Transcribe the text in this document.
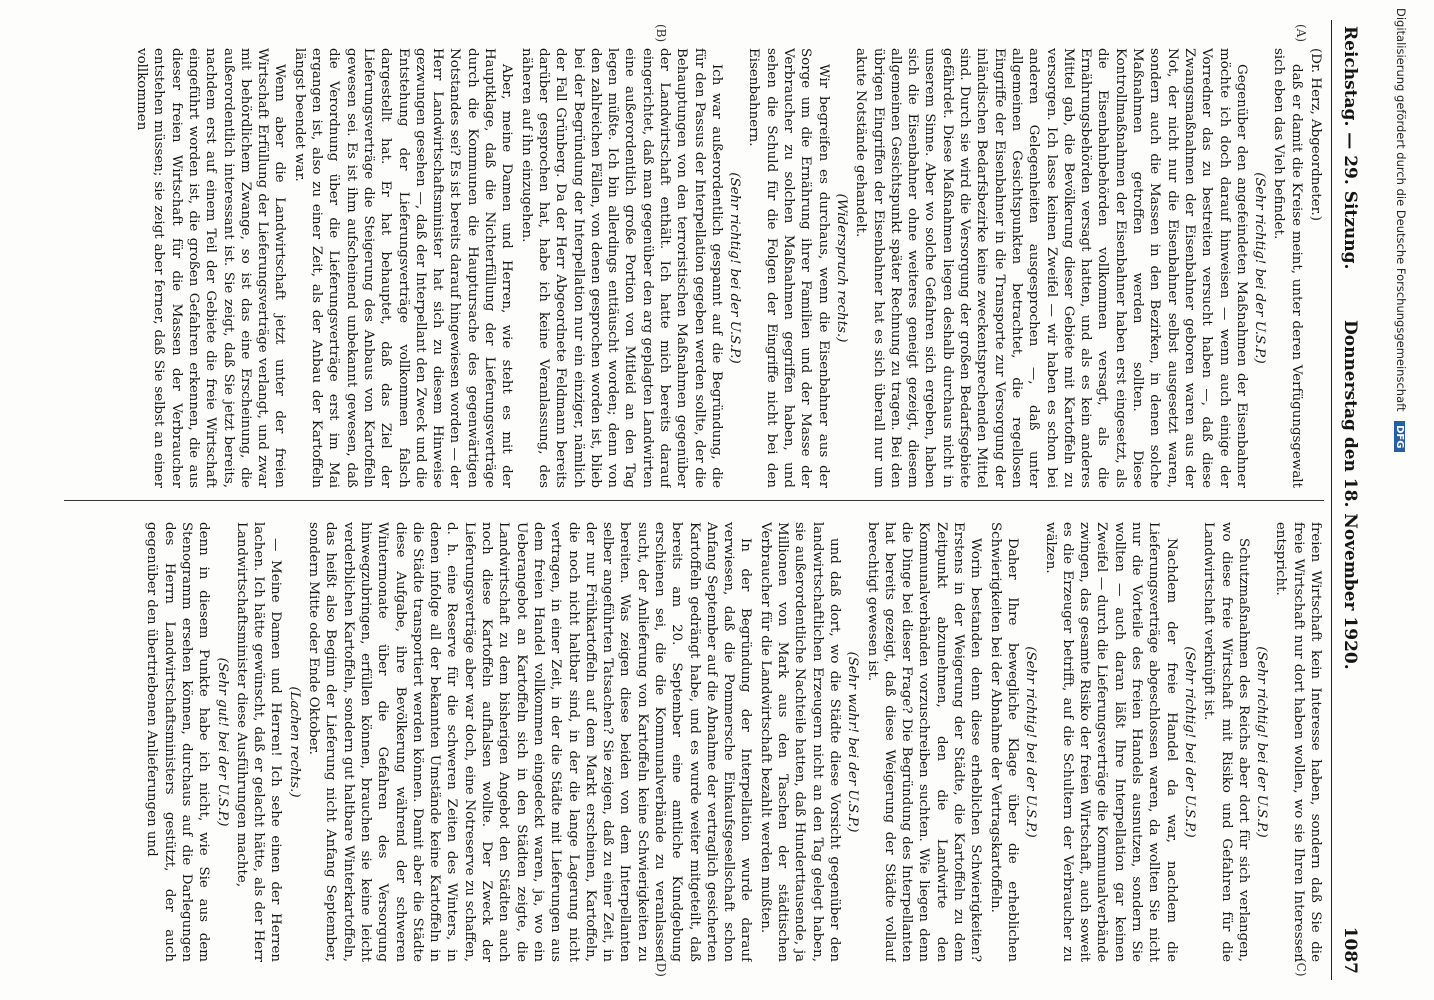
Reichstag. — 29. Sitzung.
Donnerstag den 18. November 1920.
1087
(A)
(B)
(C)
(D)

(Dr. Herz, Abgeordneter.)

daß er damit die Kreise meint, unter deren Verfügungsgewalt sich eben das Vieh befindet.

(Sehr richtig! bei der U.S.P.)

Gegenüber den angefeindeten Maßnahmen der Eisenbahner möchte ich doch darauf hinweisen — wenn auch einige der Vorredner das zu bestreiten versucht haben —, daß diese Zwangsmaßnahmen der Eisenbahner geboren waren aus der Not, der nicht nur die Eisenbahner selbst ausgesetzt waren, sondern auch die Massen in den Bezirken, in denen solche Maßnahmen getroffen werden sollten. Diese Kontrollmaßnahmen der Eisenbahner haben erst eingesetzt, als die Eisenbahnbehörden vollkommen versagt, als die Ernährungsbehörden versagt hatten, und als es kein anderes Mittel gab, die Bevölkerung dieser Gebiete mit Kartoffeln zu versorgen. Ich lasse keinen Zweifel — wir haben es schon bei anderen Gelegenheiten ausgesprochen —, daß unter allgemeinen Gesichtspunkten betrachtet, die regellosen Eingriffe der Eisenbahner in die Transporte zur Versorgung der inländischen Bedarfsbezirke keine zweckentsprechenden Mittel sind. Durch sie wird die Versorgung der großen Bedarfsgebiete gefährdet. Diese Maßnahmen liegen deshalb durchaus nicht in unserem Sinne. Aber wo solche Gefahren sich ergeben, haben sich die Eisenbahner ohne weiteres geneigt gezeigt, diesem allgemeinen Gesichtspunkt später Rechnung zu tragen. Bei den übrigen Eingriffen der Eisenbahner hat es sich überall nur um akute Notstände gehandelt.

(Widerspruch rechts.)

Wir begreifen es durchaus, wenn die Eisenbahner aus der Sorge um die Ernährung ihrer Familien und der Masse der Verbraucher zu solchen Maßnahmen gegriffen haben, und sehen die Schuld für die Folgen der Eingriffe nicht bei den Eisenbahnern.

(Sehr richtig! bei der U.S.P.)

Ich war außerordentlich gespannt auf die Begründung, die für den Passus der Interpellation gegeben werden sollte, der die Behauptungen von den terroristischen Maßnahmen gegenüber der Landwirtschaft enthält. Ich hatte mich bereits darauf eingerichtet, daß man gegenüber den arg geplagten Landwirten eine außerordentlich große Portion von Mitleid an den Tag legen müßte. Ich bin allerdings enttäuscht worden; denn von den zahlreichen Fällen, von denen gesprochen worden ist, blieb bei der Begründung der Interpellation nur ein einziger, nämlich der Fall Grünberg. Da der Herr Abgeordnete Feldmann bereits darüber gesprochen hat, habe ich keine Veranlassung, des näheren auf ihn einzugehen.

Aber, meine Damen und Herren, wie steht es mit der Hauptklage, daß die Nichterfüllung der Lieferungsverträge durch die Kommunen die Hauptursache des gegenwärtigen Notstandes sei? Es ist bereits darauf hingewiesen worden — der Herr Landwirtschaftsminister hat sich zu diesem Hinweise gezwungen gesehen —, daß der Interpellant den Zweck und die Entstehung der Lieferungsverträge vollkommen falsch dargestellt hat. Er hat behauptet, daß das Ziel der Lieferungsverträge die Steigerung des Anbaus von Kartoffeln gewesen sei. Es ist ihm aufscheinend unbekannt gewesen, daß die Verordnung über die Lieferungsverträge erst im Mai ergangen ist, also zu einer Zeit, als der Anbau der Kartoffeln längst beendet war.

Wenn aber die Landwirtschaft jetzt unter der freien Wirtschaft Erfüllung der Lieferungsverträge verlangt, und zwar mit behördlichem Zwange, so ist das eine Erscheinung, die außerordentlich interessant ist. Sie zeigt, daß Sie jetzt bereits, nachdem erst auf einem Teil der Gebiete die freie Wirtschaft eingeführt worden ist, die großen Gefahren erkennen, die aus dieser freien Wirtschaft für die Massen der Verbraucher entstehen müssen; sie zeigt aber ferner, daß Sie selbst an einer vollkommen

freien Wirtschaft kein Interesse haben, sondern daß Sie die freie Wirtschaft nur dort haben wollen, wo sie Ihren Interessen entspricht.

(Sehr richtig! bei der U.S.P.)

Schutzmaßnahmen des Reichs aber dort für sich verlangen, wo diese freie Wirtschaft mit Risiko und Gefahren für die Landwirtschaft verknüpft ist.

(Sehr richtig! bei der U.S.P.)

Nachdem der freie Handel da war, nachdem die Lieferungsverträge abgeschlossen waren, da wollten Sie nicht nur die Vorteile des freien Handels ausnutzen, sondern Sie wollten — auch daran läßt Ihre Interpellation gar keinen Zweifel — durch die Lieferungsverträge die Kommunalverbände zwingen, das gesamte Risiko der freien Wirtschaft, auch soweit es die Erzeuger betrifft, auf die Schultern der Verbraucher zu wälzen.

(Sehr richtig! bei der U.S.P.)

Daher Ihre bewegliche Klage über die erheblichen Schwierigkeiten bei der Abnahme der Vertragskartoffeln.

Worin bestanden denn diese erheblichen Schwierigkeiten? Erstens in der Weigerung der Städte, die Kartoffeln zu dem Zeitpunkt abzunehmen, den die Landwirte den Kommunalverbänden vorzuschreiben suchten. Wie liegen denn die Dinge bei dieser Frage? Die Begründung des Interpellanten hat bereits gezeigt, daß diese Weigerung der Städte vollauf berechtigt gewesen ist.

(Sehr wahr! bei der U.S.P.)

und daß dort, wo die Städte diese Vorsicht gegenüber den landwirtschaftlichen Erzeugern nicht an den Tag gelegt haben, sie außerordentliche Nachteile hatten, daß Hunderttausende, ja Millionen von Mark aus den Taschen der städtischen Verbraucher für die Landwirtschaft bezahlt werden mußten.

In der Begründung der Interpellation wurde darauf verwiesen, daß die Pommersche Einkaufsgesellschaft schon Anfang September auf die Abnahme der vertraglich gesicherten Kartoffeln gedrängt habe, und es wurde weiter mitgeteilt, daß bereits am 20. September eine amtliche Kundgebung erschienen sei, die die Kommunalverbände zu veranlassen sucht, der Anlieferung von Kartoffeln keine Schwierigkeiten zu bereiten. Was zeigen diese beiden von dem Interpellanten selber angeführten Tatsachen? Sie zeigen, daß zu einer Zeit, in der nur Frühkartoffeln auf dem Markt erscheinen, Kartoffeln, die noch nicht haltbar sind, in der die lange Lagerung nicht vertragen, in einer Zeit, in der die Städte mit Lieferungen aus dem freien Handel vollkommen eingedeckt waren, ja, wo ein Ueberangebot an Kartoffeln sich in den Städten zeigte, die Landwirtschaft zu dem bisherigen Angebot den Städten auch noch diese Kartoffeln aufhalsen wollte. Der Zweck der Lieferungsverträge aber war doch, eine Notreserve zu schaffen, d. h. eine Reserve für die schweren Zeiten des Winters, in denen infolge all der bekannten Umstände keine Kartoffeln in die Städte transportiert werden können. Damit aber die Städte diese Aufgabe, ihre Bevölkerung während der schweren Wintermonate über die Gefahren des Versorgung hinwegzubringen, erfüllen können, brauchen sie keine leicht verderblichen Kartoffeln, sondern gut haltbare Winterkartoffeln, das heißt also Beginn der Lieferung nicht Anfang September, sondern Mitte oder Ende Oktober.

(Lachen rechts.)

— Meine Damen und Herren! Ich sehe einen der Herren lachen. Ich hätte gewünscht, daß er gelacht hätte, als der Herr Landwirtschaftsminister diese Ausführungen machte,

(Sehr gut! bei der U.S.P.)

denn in diesem Punkte habe ich nicht, wie Sie aus dem Stenogramm ersehen können, durchaus auf die Darlegungen des Herrn Landwirtschaftsministers gestützt, der auch gegenüber den übertriebenen Anlieferungen und

Digitalisierung gefördert durch die Deutsche Forschungsgemeinschaft DFG
